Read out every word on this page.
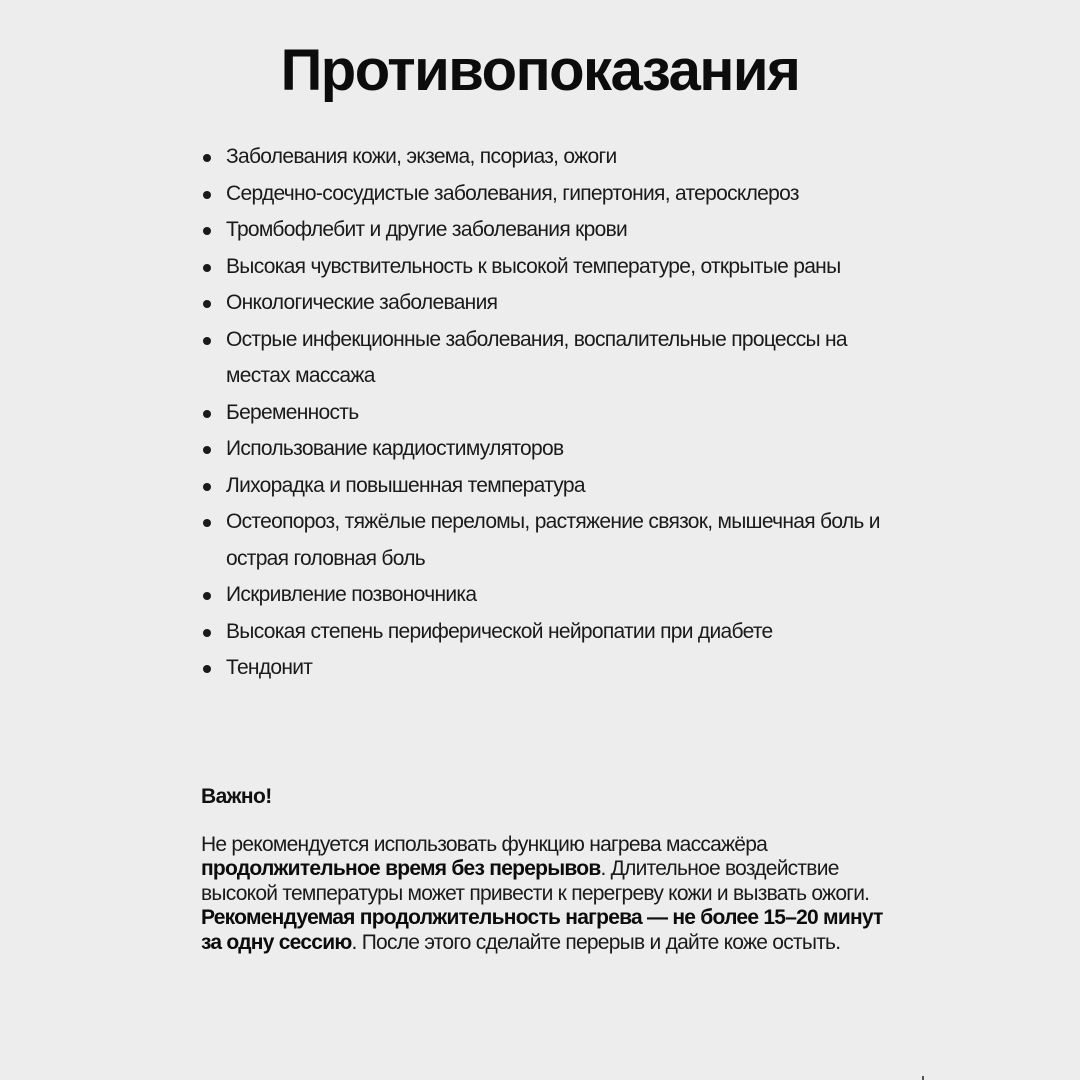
Противопоказания
Заболевания кожи, экзема, псориаз, ожоги
Сердечно-сосудистые заболевания, гипертония, атеросклероз
Тромбофлебит и другие заболевания крови
Высокая чувствительность к высокой температуре, открытые раны
Онкологические заболевания
Острые инфекционные заболевания, воспалительные процессы на местах массажа
Беременность
Использование кардиостимуляторов
Лихорадка и повышенная температура
Остеопороз, тяжёлые переломы, растяжение связок, мышечная боль и острая головная боль
Искривление позвоночника
Высокая степень периферической нейропатии при диабете
Тендонит
Важно!

Не рекомендуется использовать функцию нагрева массажёра продолжительное время без перерывов. Длительное воздействие высокой температуры может привести к перегреву кожи и вызвать ожоги. Рекомендуемая продолжительность нагрева — не более 15–20 минут за одну сессию. После этого сделайте перерыв и дайте коже остыть.
